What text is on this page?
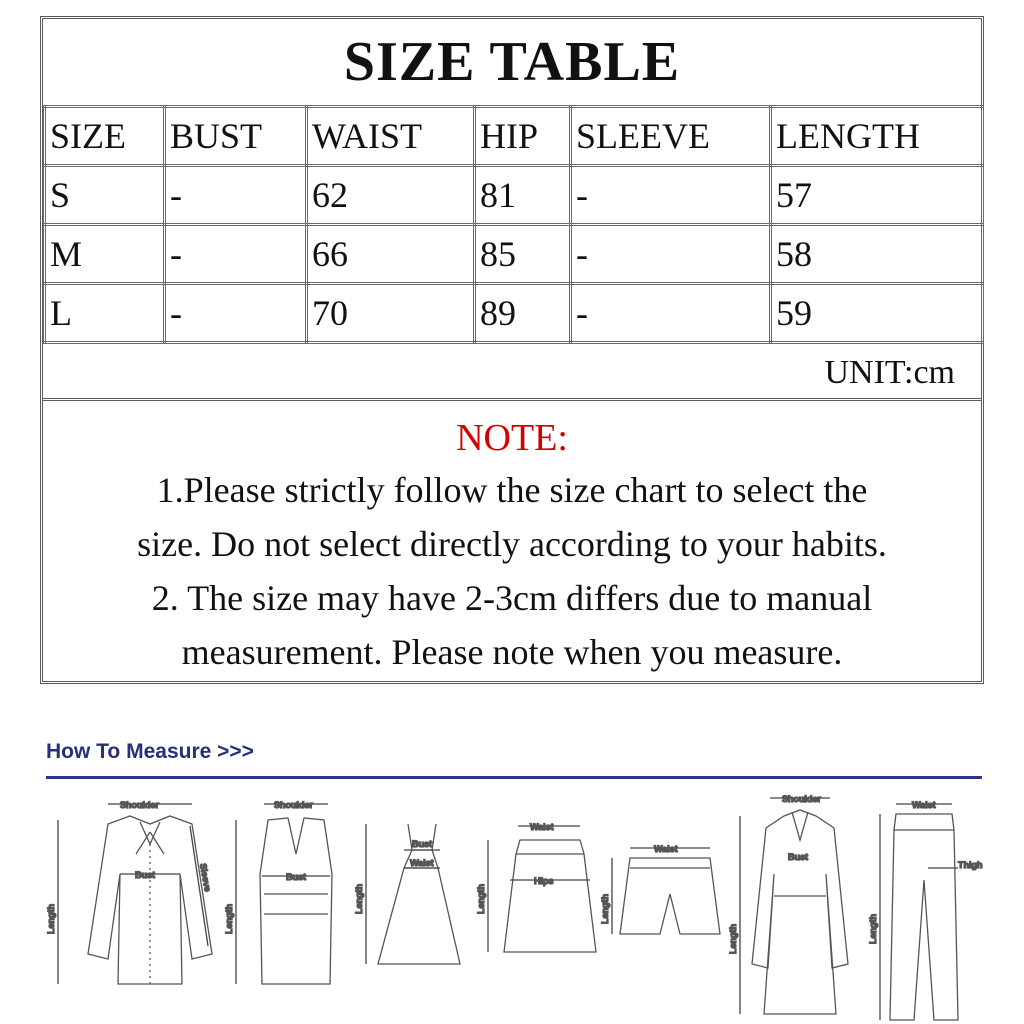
SIZE TABLE
SIZE	BUST	WAIST	HIP	SLEEVE	LENGTH
S	-	62	81	-	57
M	-	66	85	-	58
L	-	70	89	-	59
UNIT:cm
NOTE:
1.Please strictly follow the size chart to select the
size. Do not select directly according to your habits.
2. The size may have 2-3cm differs due to manual
measurement. Please note when you measure.
How To Measure >>>
Shoulder
Bust
Length
Sleeve
Shoulder
Bust
Length
Bust
Waist
Length
Waist
Hips
Length
Waist
Length
Shoulder
Bust
Length
Waist
Thigh
Length
